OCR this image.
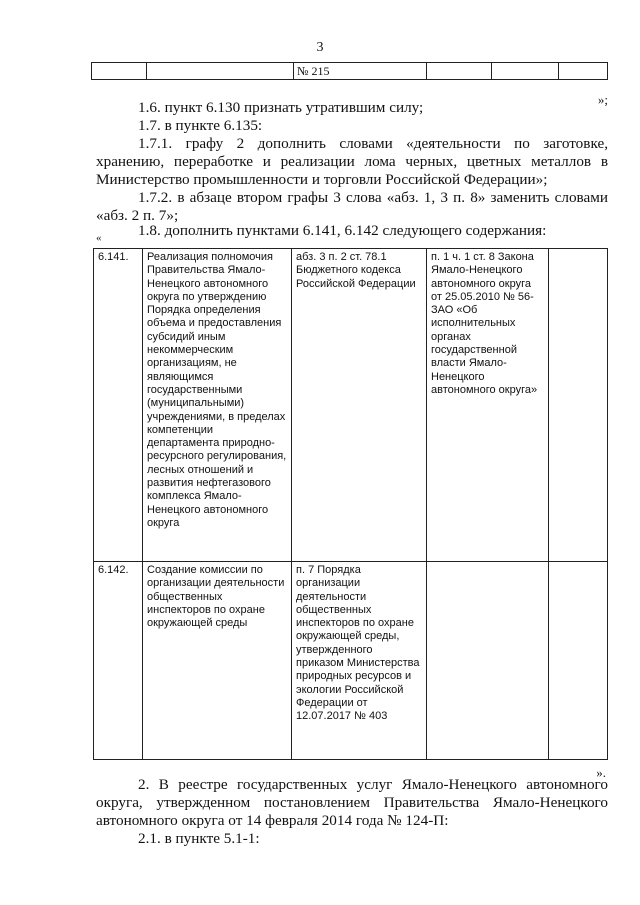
3
		№ 215			
»;

1.6. пункт 6.130 признать утратившим силу;

1.7. в пункте 6.135:

1.7.1. графу 2 дополнить словами «деятельности по заготовке, хранению, переработке и реализации лома черных, цветных металлов в Министерство промышленности и торговли Российской Федерации»;

1.7.2. в абзаце втором графы 3 слова «абз. 1, 3 п. 8» заменить словами «абз. 2 п. 7»;

1.8. дополнить пунктами 6.141, 6.142 следующего содержания:

«
6.141.	Реализация полномочия Правительства Ямало-Ненецкого автономного округа по утверждению Порядка определения объема и предоставления субсидий иным некоммерческим организациям, не являющимся государственными (муниципальными) учреждениями, в пределах компетенции департамента природно-ресурсного регулирования, лесных отношений и развития нефтегазового комплекса Ямало-Ненецкого автономного округа	абз. 3 п. 2 ст. 78.1 Бюджетного кодекса Российской Федерации	п. 1 ч. 1 ст. 8 Закона Ямало-Ненецкого автономного округа от 25.05.2010 № 56-ЗАО «Об исполнительных органах государственной власти Ямало-Ненецкого автономного округа»	
6.142.	Создание комиссии по организации деятельности общественных инспекторов по охране окружающей среды	п. 7 Порядка организации деятельности общественных инспекторов по охране окружающей среды, утвержденного приказом Министерства природных ресурсов и экологии Российской Федерации от 12.07.2017 № 403		
».

2. В реестре государственных услуг Ямало-Ненецкого автономного округа, утвержденном постановлением Правительства Ямало-Ненецкого автономного округа от 14 февраля 2014 года № 124-П:

2.1. в пункте 5.1-1:
